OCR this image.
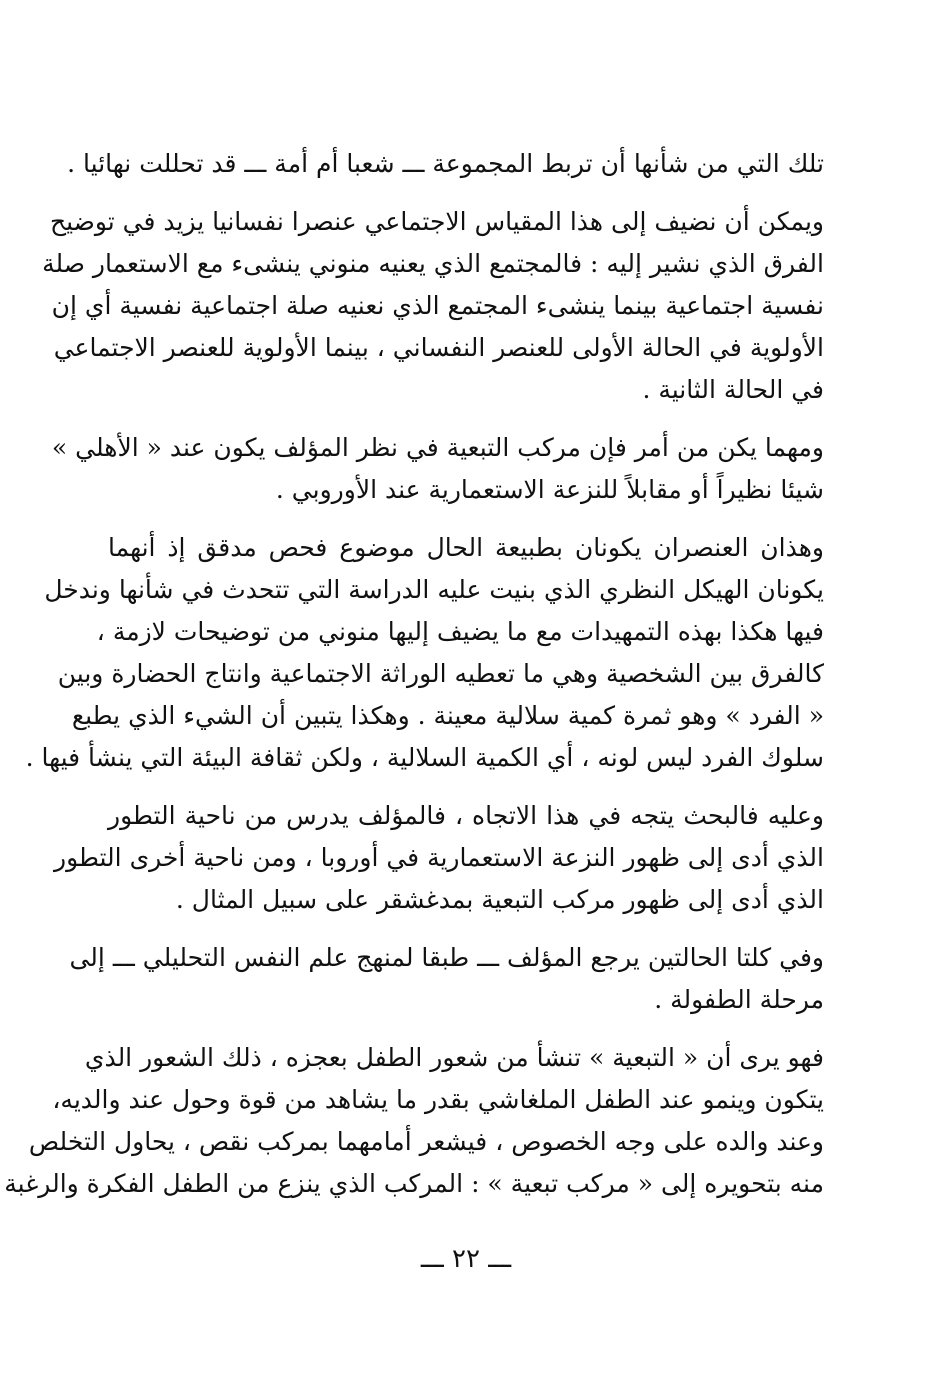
تلك التي من شأنها أن تربط المجموعة ـــ شعبا أم أمة ـــ قد تحللت نهائيا .

ويمكن أن نضيف إلى هذا المقياس الاجتماعي عنصرا نفسانيا يزيد في توضيح
الفرق الذي نشير إليه : فالمجتمع الذي يعنيه منوني ينشىء مع الاستعمار صلة
نفسية اجتماعية بينما ينشىء المجتمع الذي نعنيه صلة اجتماعية نفسية أي إن
الأولوية في الحالة الأولى للعنصر النفساني ، بينما الأولوية للعنصر الاجتماعي
في الحالة الثانية .

ومهما يكن من أمر فإن مركب التبعية في نظر المؤلف يكون عند « الأهلي »
شيئا نظيراً أو مقابلاً للنزعة الاستعمارية عند الأوروبي .

وهذان العنصران يكونان بطبيعة الحال موضوع فحص مدقق إذ أنهما
يكونان الهيكل النظري الذي بنيت عليه الدراسة التي تتحدث في شأنها وندخل
فيها هكذا بهذه التمهيدات مع ما يضيف إليها منوني من توضيحات لازمة ،
كالفرق بين الشخصية وهي ما تعطيه الوراثة الاجتماعية وانتاج الحضارة وبين
« الفرد » وهو ثمرة كمية سلالية معينة . وهكذا يتبين أن الشيء الذي يطبع
سلوك الفرد ليس لونه ، أي الكمية السلالية ، ولكن ثقافة البيئة التي ينشأ فيها .

وعليه فالبحث يتجه في هذا الاتجاه ، فالمؤلف يدرس من ناحية التطور
الذي أدى إلى ظهور النزعة الاستعمارية في أوروبا ، ومن ناحية أخرى التطور
الذي أدى إلى ظهور مركب التبعية بمدغشقر على سبيل المثال .

وفي كلتا الحالتين يرجع المؤلف ـــ طبقا لمنهج علم النفس التحليلي ـــ إلى
مرحلة الطفولة .

فهو يرى أن « التبعية » تنشأ من شعور الطفل بعجزه ، ذلك الشعور الذي
يتكون وينمو عند الطفل الملغاشي بقدر ما يشاهد من قوة وحول عند والديه،
وعند والده على وجه الخصوص ، فيشعر أمامهما بمركب نقص ، يحاول التخلص
منه بتحويره إلى « مركب تبعية » : المركب الذي ينزع من الطفل الفكرة والرغبة

ـــ ٢٢ ـــ
